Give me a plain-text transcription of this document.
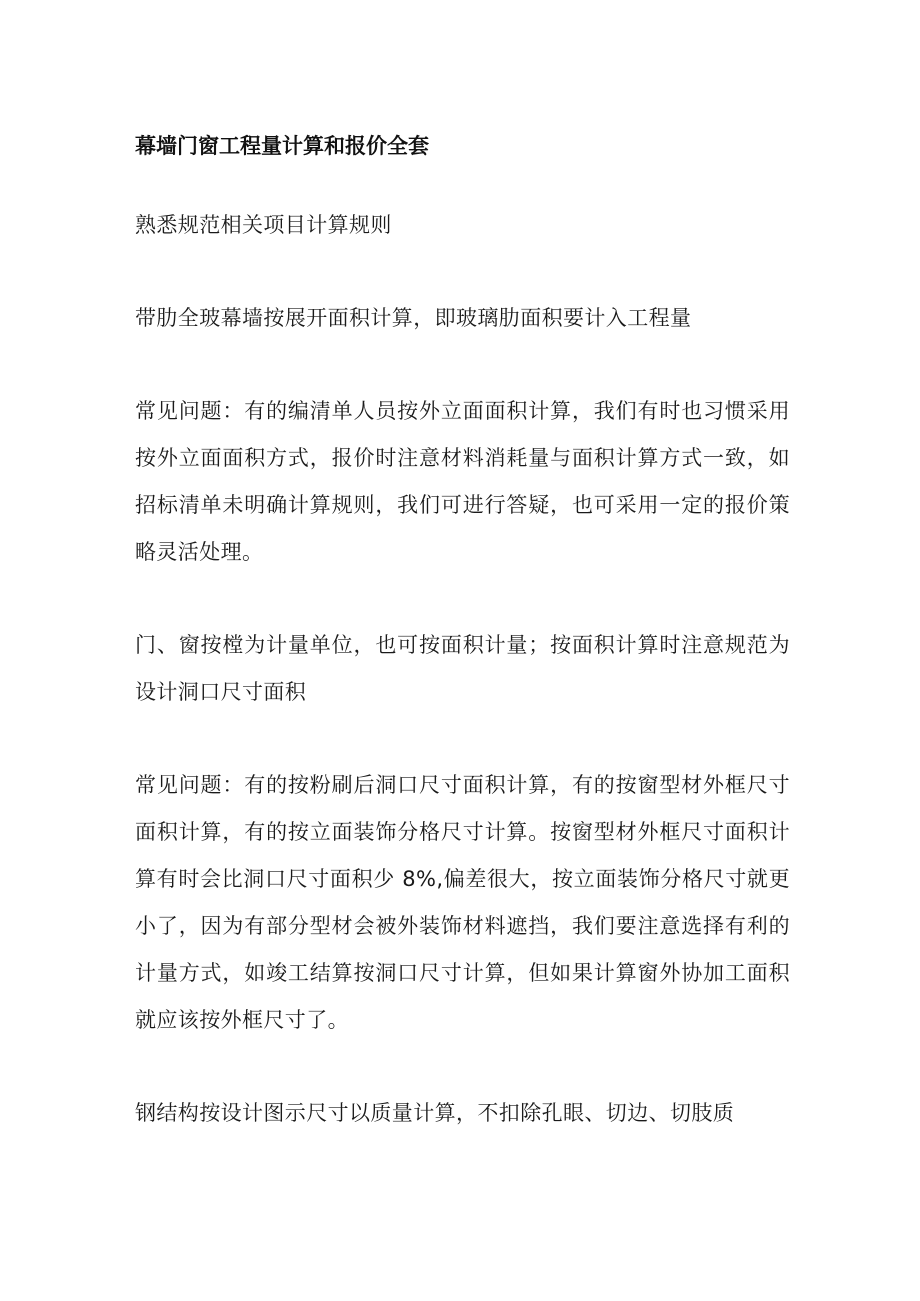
幕墙门窗工程量计算和报价全套

熟悉规范相关项目计算规则

带肋全玻幕墙按展开面积计算，即玻璃肋面积要计入工程量

常见问题：有的编清单人员按外立面面积计算，我们有时也习惯采用按外立面面积方式，报价时注意材料消耗量与面积计算方式一致，如招标清单未明确计算规则，我们可进行答疑，也可采用一定的报价策略灵活处理。

门、窗按樘为计量单位，也可按面积计量；按面积计算时注意规范为设计洞口尺寸面积

常见问题：有的按粉刷后洞口尺寸面积计算，有的按窗型材外框尺寸面积计算，有的按立面装饰分格尺寸计算。按窗型材外框尺寸面积计算有时会比洞口尺寸面积少 8%,偏差很大，按立面装饰分格尺寸就更小了，因为有部分型材会被外装饰材料遮挡，我们要注意选择有利的计量方式，如竣工结算按洞口尺寸计算，但如果计算窗外协加工面积就应该按外框尺寸了。

钢结构按设计图示尺寸以质量计算，不扣除孔眼、切边、切肢质
